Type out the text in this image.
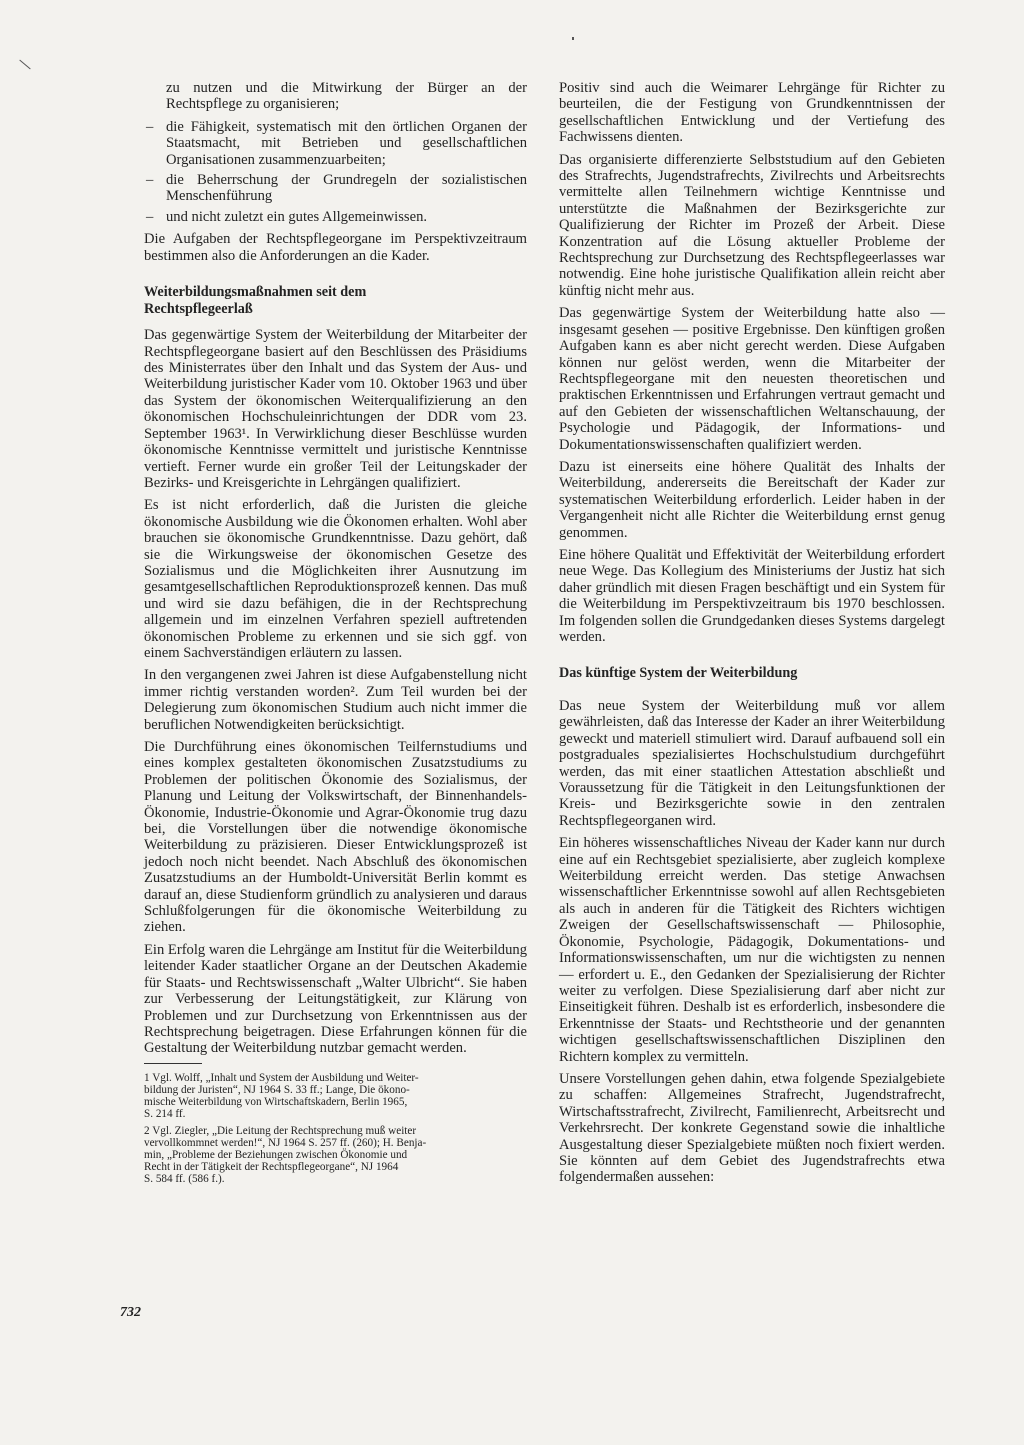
zu nutzen und die Mitwirkung der Bürger an der Rechtspflege zu organisieren;

– die Fähigkeit, systematisch mit den örtlichen Organen der Staatsmacht, mit Betrieben und gesellschaftlichen Organisationen zusammenzuarbeiten;
– die Beherrschung der Grundregeln der sozialistischen Menschenführung
– und nicht zuletzt ein gutes Allgemeinwissen.

Die Aufgaben der Rechtspflegeorgane im Perspektivzeitraum bestimmen also die Anforderungen an die Kader.

Weiterbildungsmaßnahmen seit dem
Rechtspflegeerlaß

Das gegenwärtige System der Weiterbildung der Mitarbeiter der Rechtspflegeorgane basiert auf den Beschlüssen des Präsidiums des Ministerrates über den Inhalt und das System der Aus- und Weiterbildung juristischer Kader vom 10. Oktober 1963 und über das System der ökonomischen Weiterqualifizierung an den ökonomischen Hochschuleinrichtungen der DDR vom 23. September 1963¹. In Verwirklichung dieser Beschlüsse wurden ökonomische Kenntnisse vermittelt und juristische Kenntnisse vertieft. Ferner wurde ein großer Teil der Leitungskader der Bezirks- und Kreisgerichte in Lehrgängen qualifiziert.

Es ist nicht erforderlich, daß die Juristen die gleiche ökonomische Ausbildung wie die Ökonomen erhalten. Wohl aber brauchen sie ökonomische Grundkenntnisse. Dazu gehört, daß sie die Wirkungsweise der ökonomischen Gesetze des Sozialismus und die Möglichkeiten ihrer Ausnutzung im gesamtgesellschaftlichen Reproduktionsprozeß kennen. Das muß und wird sie dazu befähigen, die in der Rechtsprechung allgemein und im einzelnen Verfahren speziell auftretenden ökonomischen Probleme zu erkennen und sie sich ggf. von einem Sachverständigen erläutern zu lassen.

In den vergangenen zwei Jahren ist diese Aufgabenstellung nicht immer richtig verstanden worden². Zum Teil wurden bei der Delegierung zum ökonomischen Studium auch nicht immer die beruflichen Notwendigkeiten berücksichtigt.

Die Durchführung eines ökonomischen Teilfernstudiums und eines komplex gestalteten ökonomischen Zusatzstudiums zu Problemen der politischen Ökonomie des Sozialismus, der Planung und Leitung der Volkswirtschaft, der Binnenhandels-Ökonomie, Industrie-Ökonomie und Agrar-Ökonomie trug dazu bei, die Vorstellungen über die notwendige ökonomische Weiterbildung zu präzisieren. Dieser Entwicklungsprozeß ist jedoch noch nicht beendet. Nach Abschluß des ökonomischen Zusatzstudiums an der Humboldt-Universität Berlin kommt es darauf an, diese Studienform gründlich zu analysieren und daraus Schlußfolgerungen für die ökonomische Weiterbildung zu ziehen.

Ein Erfolg waren die Lehrgänge am Institut für die Weiterbildung leitender Kader staatlicher Organe an der Deutschen Akademie für Staats- und Rechtswissenschaft „Walter Ulbricht“. Sie haben zur Verbesserung der Leitungstätigkeit, zur Klärung von Problemen und zur Durchsetzung von Erkenntnissen aus der Rechtsprechung beigetragen. Diese Erfahrungen können für die Gestaltung der Weiterbildung nutzbar gemacht werden.

1 Vgl. Wolff, „Inhalt und System der Ausbildung und Weiter-
bildung der Juristen“, NJ 1964 S. 33 ff.; Lange, Die ökono-
mische Weiterbildung von Wirtschaftskadern, Berlin 1965,
S. 214 ff.
2 Vgl. Ziegler, „Die Leitung der Rechtsprechung muß weiter
vervollkommnet werden!“, NJ 1964 S. 257 ff. (260); H. Benja-
min, „Probleme der Beziehungen zwischen Ökonomie und
Recht in der Tätigkeit der Rechtspflegeorgane“, NJ 1964
S. 584 ff. (586 f.).

Positiv sind auch die Weimarer Lehrgänge für Richter zu beurteilen, die der Festigung von Grundkenntnissen der gesellschaftlichen Entwicklung und der Vertiefung des Fachwissens dienten.

Das organisierte differenzierte Selbststudium auf den Gebieten des Strafrechts, Jugendstrafrechts, Zivilrechts und Arbeitsrechts vermittelte allen Teilnehmern wichtige Kenntnisse und unterstützte die Maßnahmen der Bezirksgerichte zur Qualifizierung der Richter im Prozeß der Arbeit. Diese Konzentration auf die Lösung aktueller Probleme der Rechtsprechung zur Durchsetzung des Rechtspflegeerlasses war notwendig. Eine hohe juristische Qualifikation allein reicht aber künftig nicht mehr aus.

Das gegenwärtige System der Weiterbildung hatte also — insgesamt gesehen — positive Ergebnisse. Den künftigen großen Aufgaben kann es aber nicht gerecht werden. Diese Aufgaben können nur gelöst werden, wenn die Mitarbeiter der Rechtspflegeorgane mit den neuesten theoretischen und praktischen Erkenntnissen und Erfahrungen vertraut gemacht und auf den Gebieten der wissenschaftlichen Weltanschauung, der Psychologie und Pädagogik, der Informations- und Dokumentationswissenschaften qualifiziert werden.

Dazu ist einerseits eine höhere Qualität des Inhalts der Weiterbildung, andererseits die Bereitschaft der Kader zur systematischen Weiterbildung erforderlich. Leider haben in der Vergangenheit nicht alle Richter die Weiterbildung ernst genug genommen.

Eine höhere Qualität und Effektivität der Weiterbildung erfordert neue Wege. Das Kollegium des Ministeriums der Justiz hat sich daher gründlich mit diesen Fragen beschäftigt und ein System für die Weiterbildung im Perspektivzeitraum bis 1970 beschlossen. Im folgenden sollen die Grundgedanken dieses Systems dargelegt werden.

Das künftige System der Weiterbildung

Das neue System der Weiterbildung muß vor allem gewährleisten, daß das Interesse der Kader an ihrer Weiterbildung geweckt und materiell stimuliert wird. Darauf aufbauend soll ein postgraduales spezialisiertes Hochschulstudium durchgeführt werden, das mit einer staatlichen Attestation abschließt und Voraussetzung für die Tätigkeit in den Leitungsfunktionen der Kreis- und Bezirksgerichte sowie in den zentralen Rechtspflegeorganen wird.

Ein höheres wissenschaftliches Niveau der Kader kann nur durch eine auf ein Rechtsgebiet spezialisierte, aber zugleich komplexe Weiterbildung erreicht werden. Das stetige Anwachsen wissenschaftlicher Erkenntnisse sowohl auf allen Rechtsgebieten als auch in anderen für die Tätigkeit des Richters wichtigen Zweigen der Gesellschaftswissenschaft — Philosophie, Ökonomie, Psychologie, Pädagogik, Dokumentations- und Informationswissenschaften, um nur die wichtigsten zu nennen — erfordert u. E., den Gedanken der Spezialisierung der Richter weiter zu verfolgen. Diese Spezialisierung darf aber nicht zur Einseitigkeit führen. Deshalb ist es erforderlich, insbesondere die Erkenntnisse der Staats- und Rechtstheorie und der genannten wichtigen gesellschaftswissenschaftlichen Disziplinen den Richtern komplex zu vermitteln.

Unsere Vorstellungen gehen dahin, etwa folgende Spezialgebiete zu schaffen: Allgemeines Strafrecht, Jugendstrafrecht, Wirtschaftsstrafrecht, Zivilrecht, Familienrecht, Arbeitsrecht und Verkehrsrecht. Der konkrete Gegenstand sowie die inhaltliche Ausgestaltung dieser Spezialgebiete müßten noch fixiert werden. Sie könnten auf dem Gebiet des Jugendstrafrechts etwa folgendermaßen aussehen:

732
